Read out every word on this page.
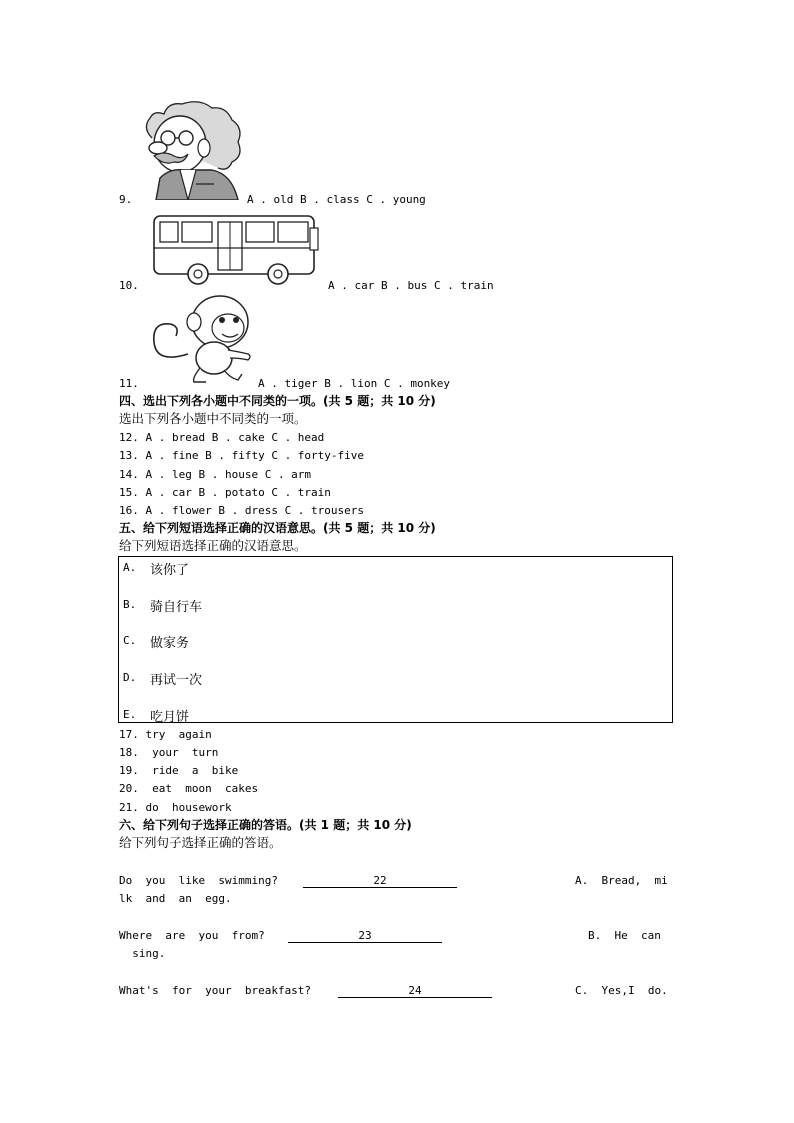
9.	A . old B . class C . young
10.	A . car B . bus C . train
11.	A . tiger B . lion C . monkey
四、选出下列各小题中不同类的一项。(共 5 题；共 10 分)
选出下列各小题中不同类的一项。
12. A . bread B . cake C . head
13. A . fine B . fifty C . forty-five
14. A . leg B . house C . arm
15. A . car B . potato C . train
16. A . flower B . dress C . trousers
五、给下列短语选择正确的汉语意思。(共 5 题；共 10 分)
给下列短语选择正确的汉语意思。
A. 该你了
B. 骑自行车
C. 做家务
D. 再试一次
E. 吃月饼
17. try  again
18.  your  turn
19.  ride  a  bike
20.  eat  moon  cakes
21. do  housework
六、给下列句子选择正确的答语。(共 1 题；共 10 分)
给下列句子选择正确的答语。
Do  you  like  swimming?	22	A.  Bread,  mi
lk  and  an  egg.
Where  are  you  from?	23	B.  He  can
sing.
What's  for  your  breakfast?	24	C.  Yes,I  do.
